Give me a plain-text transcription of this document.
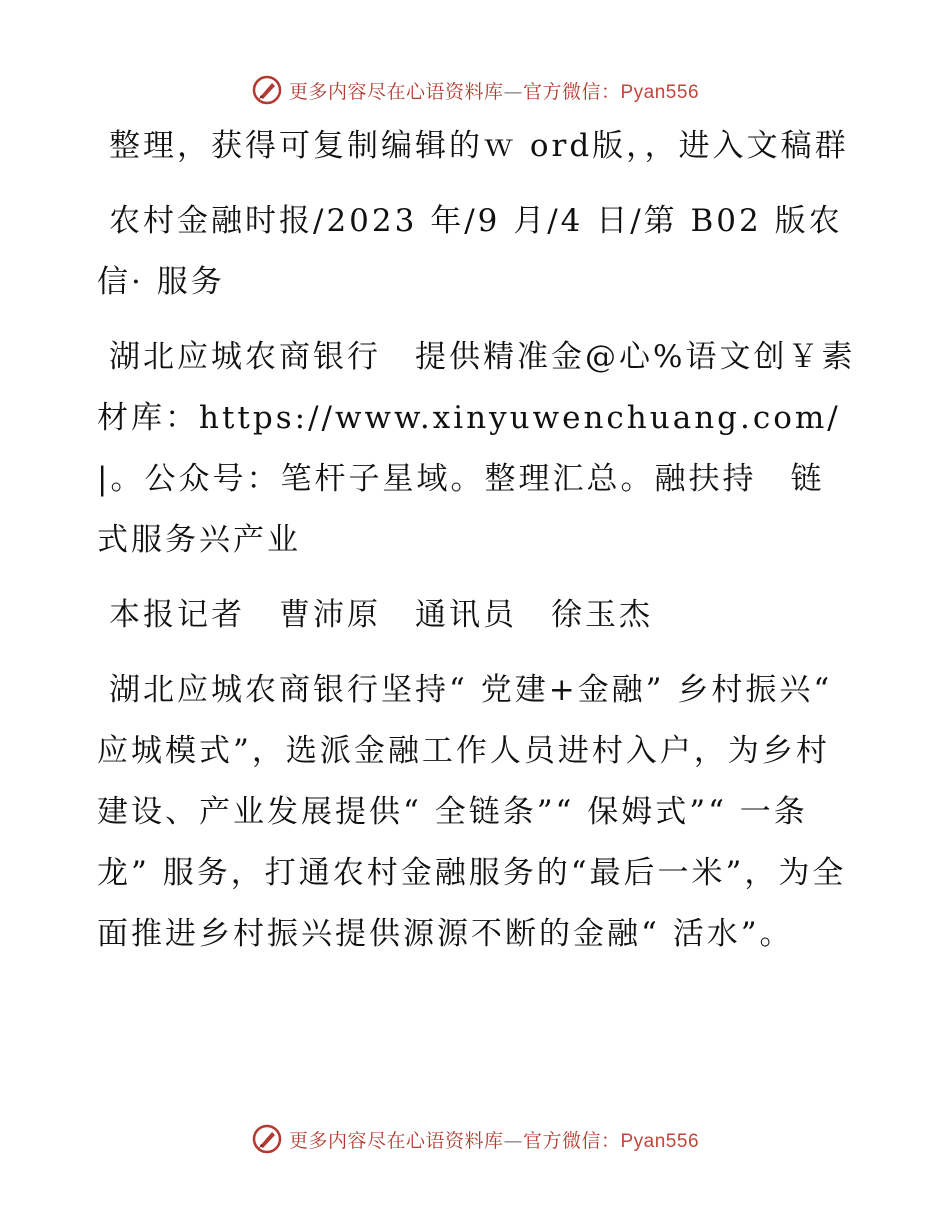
更多内容尽在心语资料库—官方微信：Pyan556

整理，获得可复制编辑的ｗ ord版，，进入文稿群

农村金融时报/2023 年/9 月/4 日/第 B02 版农信· 服务

湖北应城农商银行　提供精准金@心%语文创￥素材库：https://www.xinyuwenchuang.com/|。公众号：笔杆子星域。整理汇总。融扶持　链式服务兴产业

本报记者　曹沛原　通讯员　徐玉杰

湖北应城农商银行坚持“ 党建+金融” 乡村振兴“ 应城模式”，选派金融工作人员进村入户，为乡村建设、产业发展提供“ 全链条”“ 保姆式”“ 一条龙” 服务，打通农村金融服务的“最后一米”，为全面推进乡村振兴提供源源不断的金融“ 活水”。

更多内容尽在心语资料库—官方微信：Pyan556
